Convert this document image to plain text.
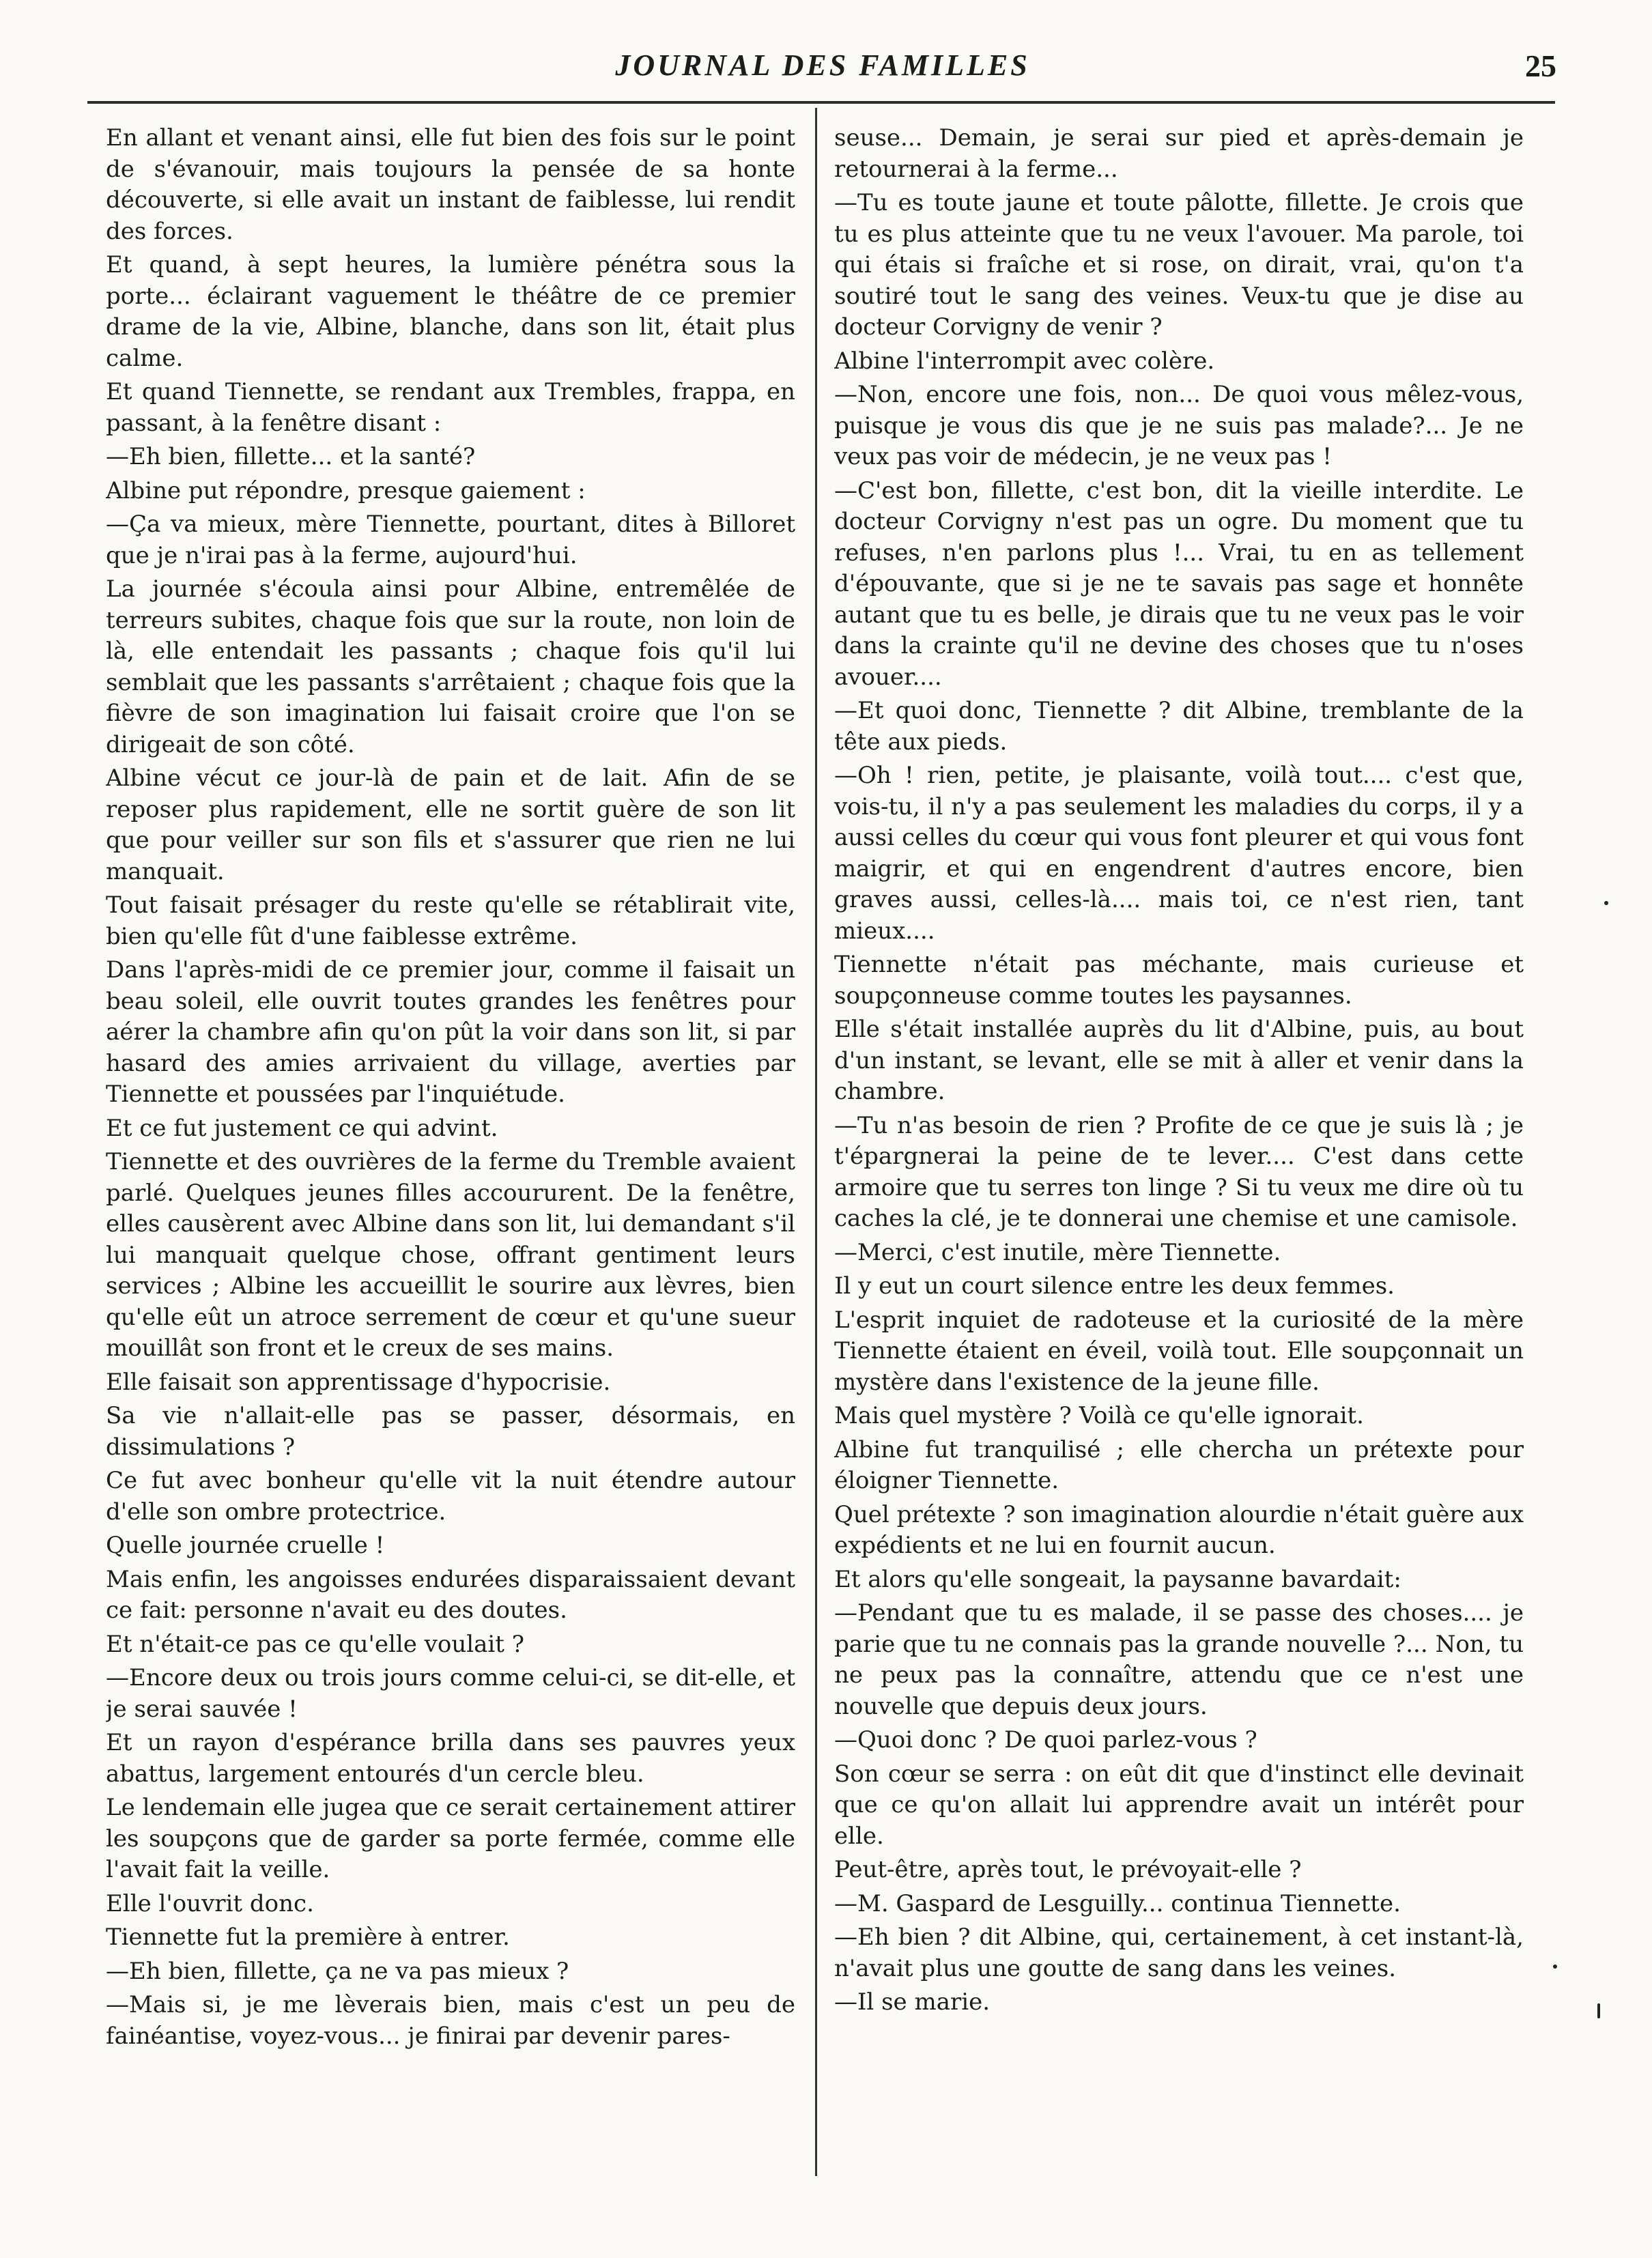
JOURNAL DES FAMILLES	25

En allant et venant ainsi, elle fut bien des fois sur le point de s'évanouir, mais toujours la pensée de sa honte découverte, si elle avait un instant de faiblesse, lui rendit des forces.

Et quand, à sept heures, la lumière pénétra sous la porte... éclairant vaguement le théâtre de ce premier drame de la vie, Albine, blanche, dans son lit, était plus calme.

Et quand Tiennette, se rendant aux Trembles, frappa, en passant, à la fenêtre disant :

—Eh bien, fillette... et la santé?

Albine put répondre, presque gaiement :

—Ça va mieux, mère Tiennette, pourtant, dites à Billoret que je n'irai pas à la ferme, aujourd'hui.

La journée s'écoula ainsi pour Albine, entremêlée de terreurs subites, chaque fois que sur la route, non loin de là, elle entendait les passants ; chaque fois qu'il lui semblait que les passants s'arrêtaient ; chaque fois que la fièvre de son imagination lui faisait croire que l'on se dirigeait de son côté.

Albine vécut ce jour-là de pain et de lait. Afin de se reposer plus rapidement, elle ne sortit guère de son lit que pour veiller sur son fils et s'assurer que rien ne lui manquait.

Tout faisait présager du reste qu'elle se rétablirait vite, bien qu'elle fût d'une faiblesse extrême.

Dans l'après-midi de ce premier jour, comme il faisait un beau soleil, elle ouvrit toutes grandes les fenêtres pour aérer la chambre afin qu'on pût la voir dans son lit, si par hasard des amies arrivaient du village, averties par Tiennette et poussées par l'inquiétude.

Et ce fut justement ce qui advint.

Tiennette et des ouvrières de la ferme du Tremble avaient parlé. Quelques jeunes filles accoururent. De la fenêtre, elles causèrent avec Albine dans son lit, lui demandant s'il lui manquait quelque chose, offrant gentiment leurs services ; Albine les accueillit le sourire aux lèvres, bien qu'elle eût un atroce serrement de cœur et qu'une sueur mouillât son front et le creux de ses mains.

Elle faisait son apprentissage d'hypocrisie.

Sa vie n'allait-elle pas se passer, désormais, en dissimulations ?

Ce fut avec bonheur qu'elle vit la nuit étendre autour d'elle son ombre protectrice.

Quelle journée cruelle !

Mais enfin, les angoisses endurées disparaissaient devant ce fait: personne n'avait eu des doutes.

Et n'était-ce pas ce qu'elle voulait ?

—Encore deux ou trois jours comme celui-ci, se dit-elle, et je serai sauvée !

Et un rayon d'espérance brilla dans ses pauvres yeux abattus, largement entourés d'un cercle bleu.

Le lendemain elle jugea que ce serait certainement attirer les soupçons que de garder sa porte fermée, comme elle l'avait fait la veille.

Elle l'ouvrit donc.

Tiennette fut la première à entrer.

—Eh bien, fillette, ça ne va pas mieux ?

—Mais si, je me lèverais bien, mais c'est un peu de fainéantise, voyez-vous... je finirai par devenir pares-

seuse... Demain, je serai sur pied et après-demain je retournerai à la ferme...

—Tu es toute jaune et toute pâlotte, fillette. Je crois que tu es plus atteinte que tu ne veux l'avouer. Ma parole, toi qui étais si fraîche et si rose, on dirait, vrai, qu'on t'a soutiré tout le sang des veines. Veux-tu que je dise au docteur Corvigny de venir ?

Albine l'interrompit avec colère.

—Non, encore une fois, non... De quoi vous mêlez-vous, puisque je vous dis que je ne suis pas malade?... Je ne veux pas voir de médecin, je ne veux pas !

—C'est bon, fillette, c'est bon, dit la vieille interdite. Le docteur Corvigny n'est pas un ogre. Du moment que tu refuses, n'en parlons plus !... Vrai, tu en as tellement d'épouvante, que si je ne te savais pas sage et honnête autant que tu es belle, je dirais que tu ne veux pas le voir dans la crainte qu'il ne devine des choses que tu n'oses avouer....

—Et quoi donc, Tiennette ? dit Albine, tremblante de la tête aux pieds.

—Oh ! rien, petite, je plaisante, voilà tout.... c'est que, vois-tu, il n'y a pas seulement les maladies du corps, il y a aussi celles du cœur qui vous font pleurer et qui vous font maigrir, et qui en engendrent d'autres encore, bien graves aussi, celles-là.... mais toi, ce n'est rien, tant mieux....

Tiennette n'était pas méchante, mais curieuse et soupçonneuse comme toutes les paysannes.

Elle s'était installée auprès du lit d'Albine, puis, au bout d'un instant, se levant, elle se mit à aller et venir dans la chambre.

—Tu n'as besoin de rien ? Profite de ce que je suis là ; je t'épargnerai la peine de te lever.... C'est dans cette armoire que tu serres ton linge ? Si tu veux me dire où tu caches la clé, je te donnerai une chemise et une camisole.

—Merci, c'est inutile, mère Tiennette.

Il y eut un court silence entre les deux femmes.

L'esprit inquiet de radoteuse et la curiosité de la mère Tiennette étaient en éveil, voilà tout. Elle soupçonnait un mystère dans l'existence de la jeune fille.

Mais quel mystère ? Voilà ce qu'elle ignorait.

Albine fut tranquilisé ; elle chercha un prétexte pour éloigner Tiennette.

Quel prétexte ? son imagination alourdie n'était guère aux expédients et ne lui en fournit aucun.

Et alors qu'elle songeait, la paysanne bavardait:

—Pendant que tu es malade, il se passe des choses.... je parie que tu ne connais pas la grande nouvelle ?... Non, tu ne peux pas la connaître, attendu que ce n'est une nouvelle que depuis deux jours.

—Quoi donc ? De quoi parlez-vous ?

Son cœur se serra : on eût dit que d'instinct elle devinait que ce qu'on allait lui apprendre avait un intérêt pour elle.

Peut-être, après tout, le prévoyait-elle ?

—M. Gaspard de Lesguilly... continua Tiennette.

—Eh bien ? dit Albine, qui, certainement, à cet instant-là, n'avait plus une goutte de sang dans les veines.

—Il se marie.
